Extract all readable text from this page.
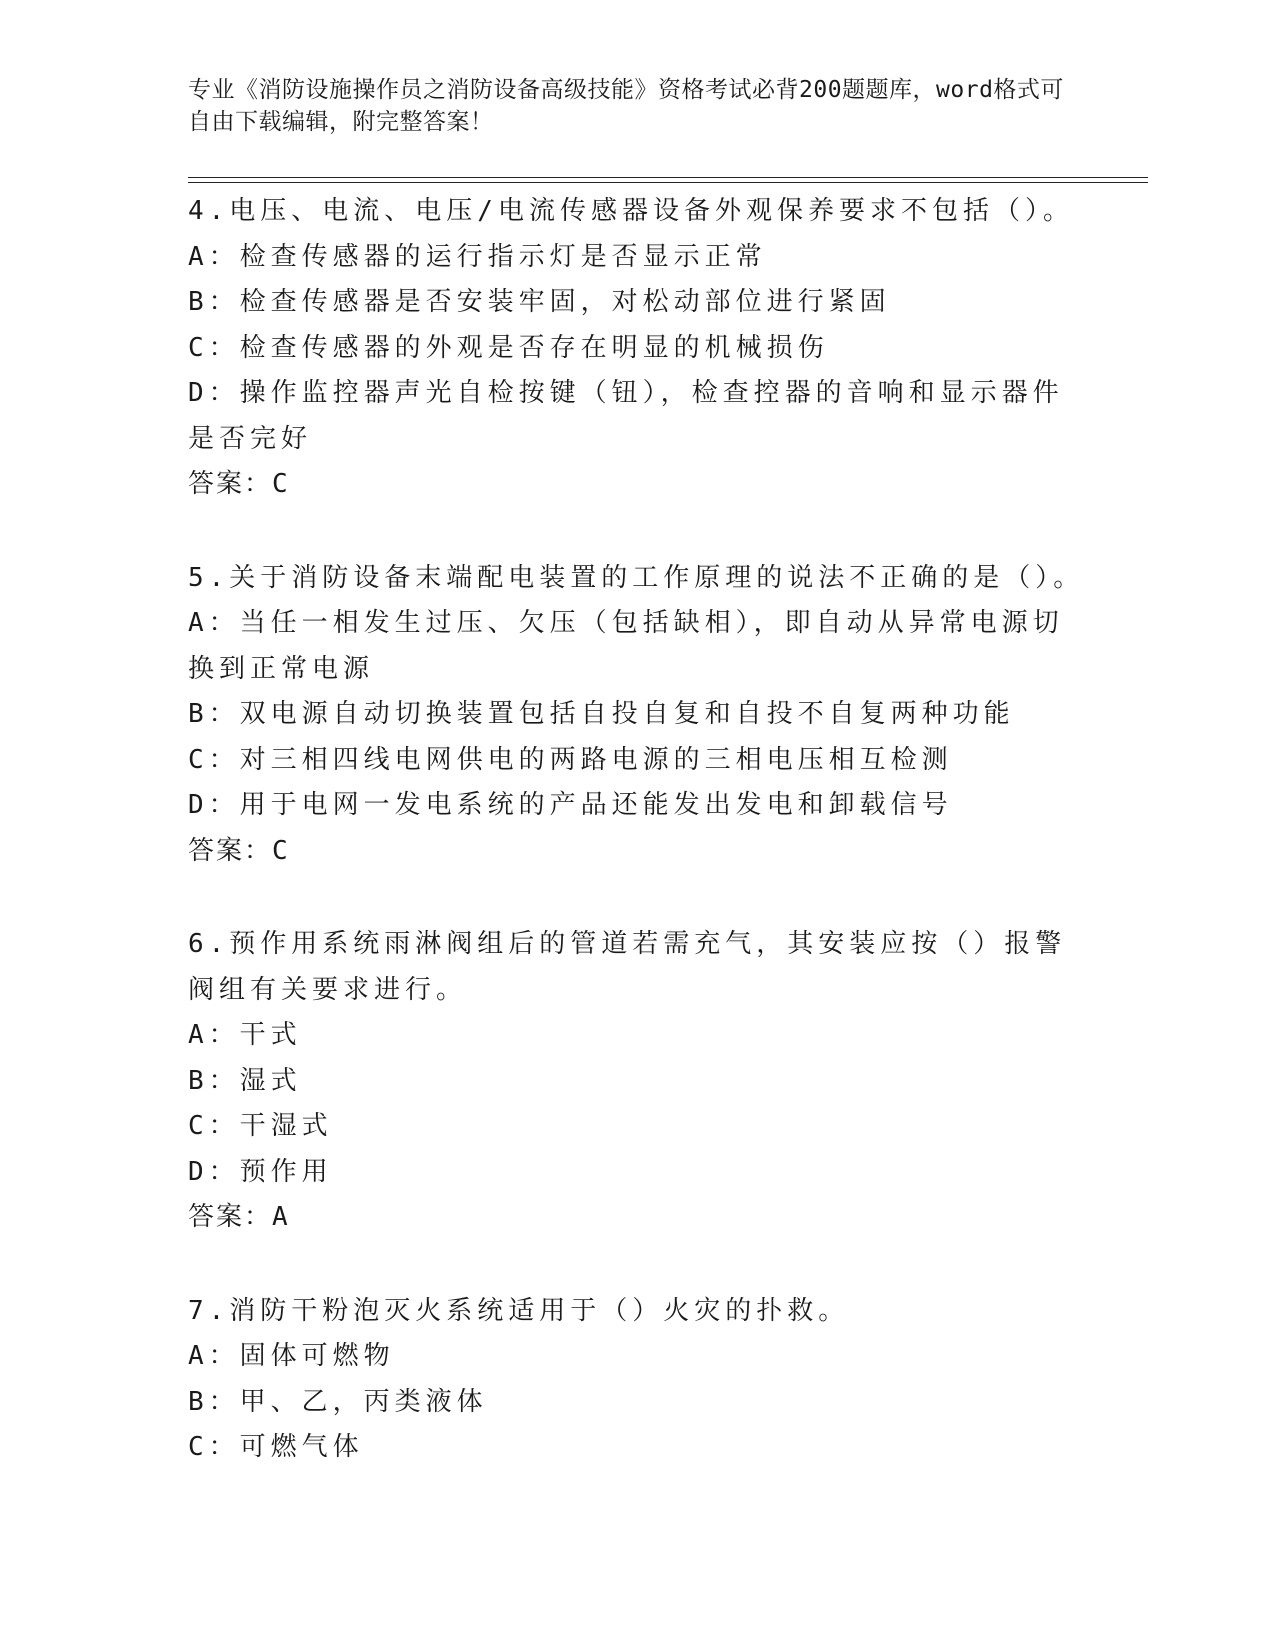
专业《消防设施操作员之消防设备高级技能》资格考试必背200题题库，word格式可自由下载编辑，附完整答案！
4.电压、电流、电压/电流传感器设备外观保养要求不包括（）。
A：检查传感器的运行指示灯是否显示正常
B：检查传感器是否安装牢固，对松动部位进行紧固
C：检查传感器的外观是否存在明显的机械损伤
D：操作监控器声光自检按键（钮），检查控器的音响和显示器件是否完好
答案：C
5.关于消防设备末端配电装置的工作原理的说法不正确的是（）。
A：当任一相发生过压、欠压（包括缺相），即自动从异常电源切换到正常电源
B：双电源自动切换装置包括自投自复和自投不自复两种功能
C：对三相四线电网供电的两路电源的三相电压相互检测
D：用于电网一发电系统的产品还能发出发电和卸载信号
答案：C
6.预作用系统雨淋阀组后的管道若需充气，其安装应按（）报警阀组有关要求进行。
A：干式
B：湿式
C：干湿式
D：预作用
答案：A
7.消防干粉泡灭火系统适用于（）火灾的扑救。
A：固体可燃物
B：甲、乙，丙类液体
C：可燃气体
